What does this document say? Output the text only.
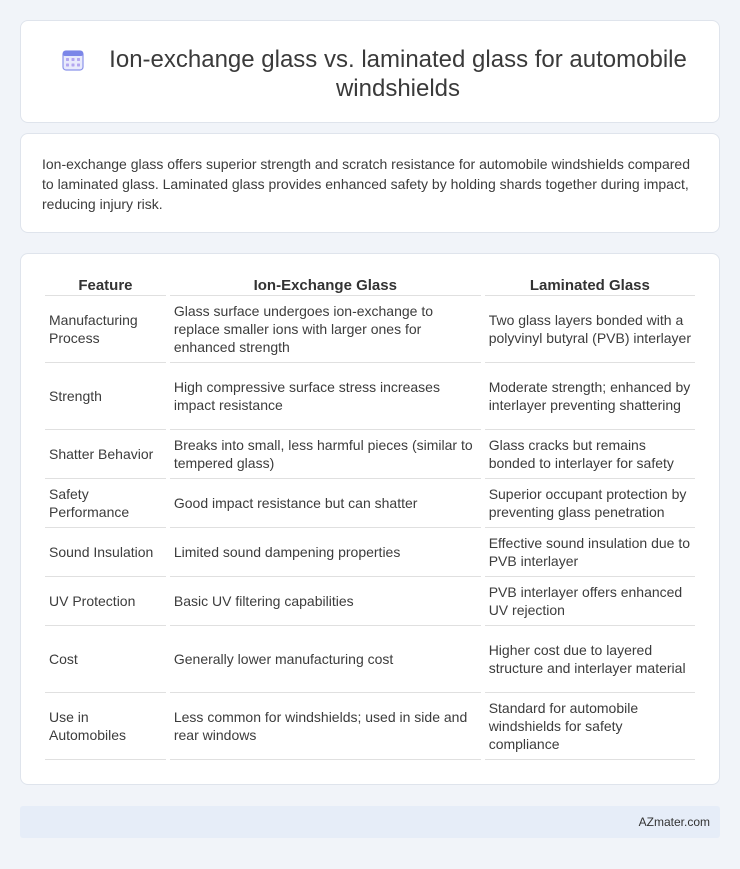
Ion-exchange glass vs. laminated glass for automobile windshields

Ion-exchange glass offers superior strength and scratch resistance for automobile windshields compared to laminated glass. Laminated glass provides enhanced safety by holding shards together during impact, reducing injury risk.

Feature	Ion-Exchange Glass	Laminated Glass
Manufacturing Process	Glass surface undergoes ion-exchange to replace smaller ions with larger ones for enhanced strength	Two glass layers bonded with a polyvinyl butyral (PVB) interlayer
Strength	High compressive surface stress increases impact resistance	Moderate strength; enhanced by interlayer preventing shattering
Shatter Behavior	Breaks into small, less harmful pieces (similar to tempered glass)	Glass cracks but remains bonded to interlayer for safety
Safety Performance	Good impact resistance but can shatter	Superior occupant protection by preventing glass penetration
Sound Insulation	Limited sound dampening properties	Effective sound insulation due to PVB interlayer
UV Protection	Basic UV filtering capabilities	PVB interlayer offers enhanced UV rejection
Cost	Generally lower manufacturing cost	Higher cost due to layered structure and interlayer material
Use in Automobiles	Less common for windshields; used in side and rear windows	Standard for automobile windshields for safety compliance
AZmater.com
